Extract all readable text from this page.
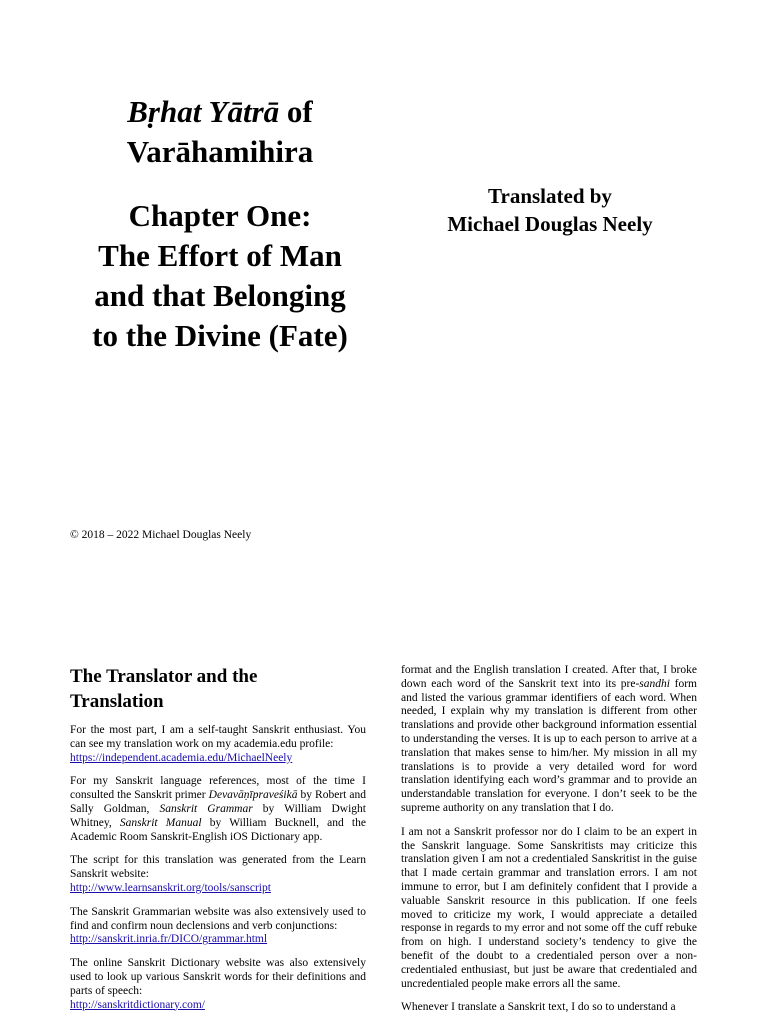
Bṛhat Yātrā of
Varāhamihira
Chapter One:
The Effort of Man
and that Belonging
to the Divine (Fate)
Translated by
Michael Douglas Neely
© 2018 – 2022 Michael Douglas Neely
The Translator and the Translation
For the most part, I am a self-taught Sanskrit enthusiast. You can see my translation work on my academia.edu profile:
https://independent.academia.edu/MichaelNeely
For my Sanskrit language references, most of the time I consulted the Sanskrit primer Devavāṇīpraveśikā by Robert and Sally Goldman, Sanskrit Grammar by William Dwight Whitney, Sanskrit Manual by William Bucknell, and the Academic Room Sanskrit-English iOS Dictionary app.
The script for this translation was generated from the Learn Sanskrit website:
http://www.learnsanskrit.org/tools/sanscript
The Sanskrit Grammarian website was also extensively used to find and confirm noun declensions and verb conjunctions:
http://sanskrit.inria.fr/DICO/grammar.html
The online Sanskrit Dictionary website was also extensively used to look up various Sanskrit words for their definitions and parts of speech:
http://sanskritdictionary.com/
format and the English translation I created. After that, I broke down each word of the Sanskrit text into its pre-sandhi form and listed the various grammar identifiers of each word. When needed, I explain why my translation is different from other translations and provide other background information essential to understanding the verses. It is up to each person to arrive at a translation that makes sense to him/her. My mission in all my translations is to provide a very detailed word for word translation identifying each word’s grammar and to provide an understandable translation for everyone. I don’t seek to be the supreme authority on any translation that I do.
I am not a Sanskrit professor nor do I claim to be an expert in the Sanskrit language. Some Sanskritists may criticize this translation given I am not a credentialed Sanskritist in the guise that I made certain grammar and translation errors. I am not immune to error, but I am definitely confident that I provide a valuable Sanskrit resource in this publication. If one feels moved to criticize my work, I would appreciate a detailed response in regards to my error and not some off the cuff rebuke from on high. I understand society’s tendency to give the benefit of the doubt to a credentialed person over a non-credentialed enthusiast, but just be aware that credentialed and uncredentialed people make errors all the same.
Whenever I translate a Sanskrit text, I do so to understand a
